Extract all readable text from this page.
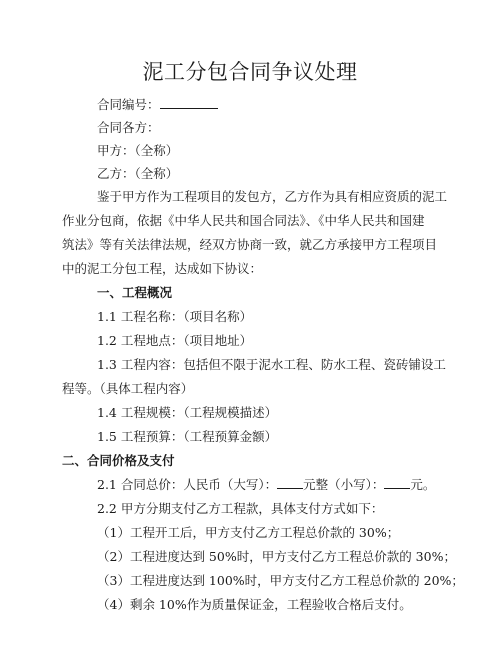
泥工分包合同争议处理
合同编号：
合同各方：
甲方：（全称）
乙方：（全称）
鉴于甲方作为工程项目的发包方，乙方作为具有相应资质的泥工
作业分包商，依据《中华人民共和国合同法》、《中华人民共和国建
筑法》等有关法律法规，经双方协商一致，就乙方承接甲方工程项目
中的泥工分包工程，达成如下协议：
一、工程概况
1.1 工程名称：（项目名称）
1.2 工程地点：（项目地址）
1.3 工程内容：包括但不限于泥水工程、防水工程、瓷砖铺设工
程等。（具体工程内容）
1.4 工程规模：（工程规模描述）
1.5 工程预算：（工程预算金额）
二、合同价格及支付
2.1 合同总价：人民币（大写）： 元整（小写）： 元。
2.2 甲方分期支付乙方工程款，具体支付方式如下：
（1）工程开工后，甲方支付乙方工程总价款的 30%；
（2）工程进度达到 50%时，甲方支付乙方工程总价款的 30%；
（3）工程进度达到 100%时，甲方支付乙方工程总价款的 20%；
（4）剩余 10%作为质量保证金，工程验收合格后支付。
